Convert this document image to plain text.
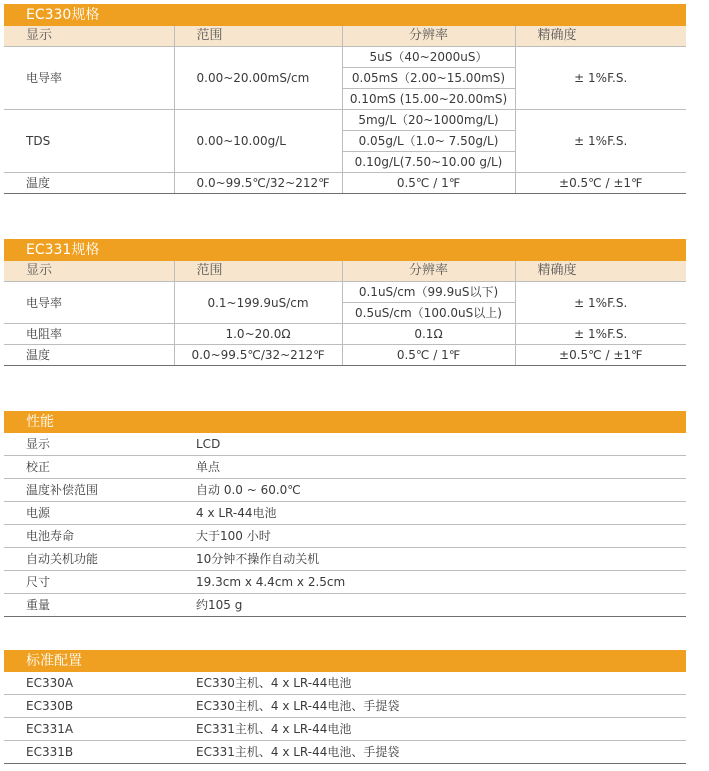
EC330规格
显示	范围	分辨率	精确度
电导率	0.00~20.00mS/cm	5uS（40~2000uS）	± 1%F.S.
		0.05mS（2.00~15.00mS)	
		0.10mS (15.00~20.00mS)	
TDS	0.00~10.00g/L	5mg/L（20~1000mg/L)	± 1%F.S.
		0.05g/L（1.0~ 7.50g/L)	
		0.10g/L(7.50~10.00 g/L)	
温度	0.0~99.5℃/32~212℉	0.5℃ / 1℉	±0.5℃ / ±1℉
EC331规格
显示	范围	分辨率	精确度
电导率	0.1~199.9uS/cm	0.1uS/cm（99.9uS以下)	± 1%F.S.
		0.5uS/cm（100.0uS以上)	
电阻率	1.0~20.0Ω	0.1Ω	± 1%F.S.
温度	0.0~99.5℃/32~212℉	0.5℃ / 1℉	±0.5℃ / ±1℉
性能
显示	LCD
校正	单点
温度补偿范围	自动 0.0 ~ 60.0℃
电源	4 x LR-44电池
电池寿命	大于100 小时
自动关机功能	10分钟不操作自动关机
尺寸	19.3cm x 4.4cm x 2.5cm
重量	约105 g
标准配置
EC330A	EC330主机、4 x LR-44电池
EC330B	EC330主机、4 x LR-44电池、手提袋
EC331A	EC331主机、4 x LR-44电池
EC331B	EC331主机、4 x LR-44电池、手提袋
